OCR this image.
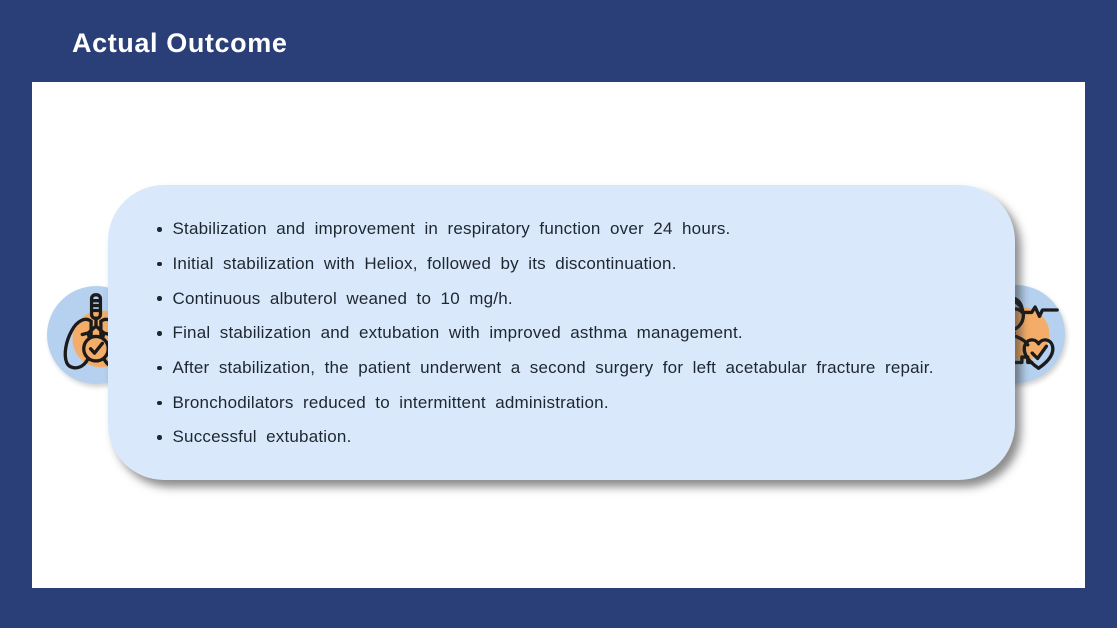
Actual Outcome
Stabilization and improvement in respiratory function over 24 hours.
Initial stabilization with Heliox, followed by its discontinuation.
Continuous albuterol weaned to 10 mg/h.
Final stabilization and extubation with improved asthma management.
After stabilization, the patient underwent a second surgery for left acetabular fracture repair.
Bronchodilators reduced to intermittent administration.
Successful extubation.
